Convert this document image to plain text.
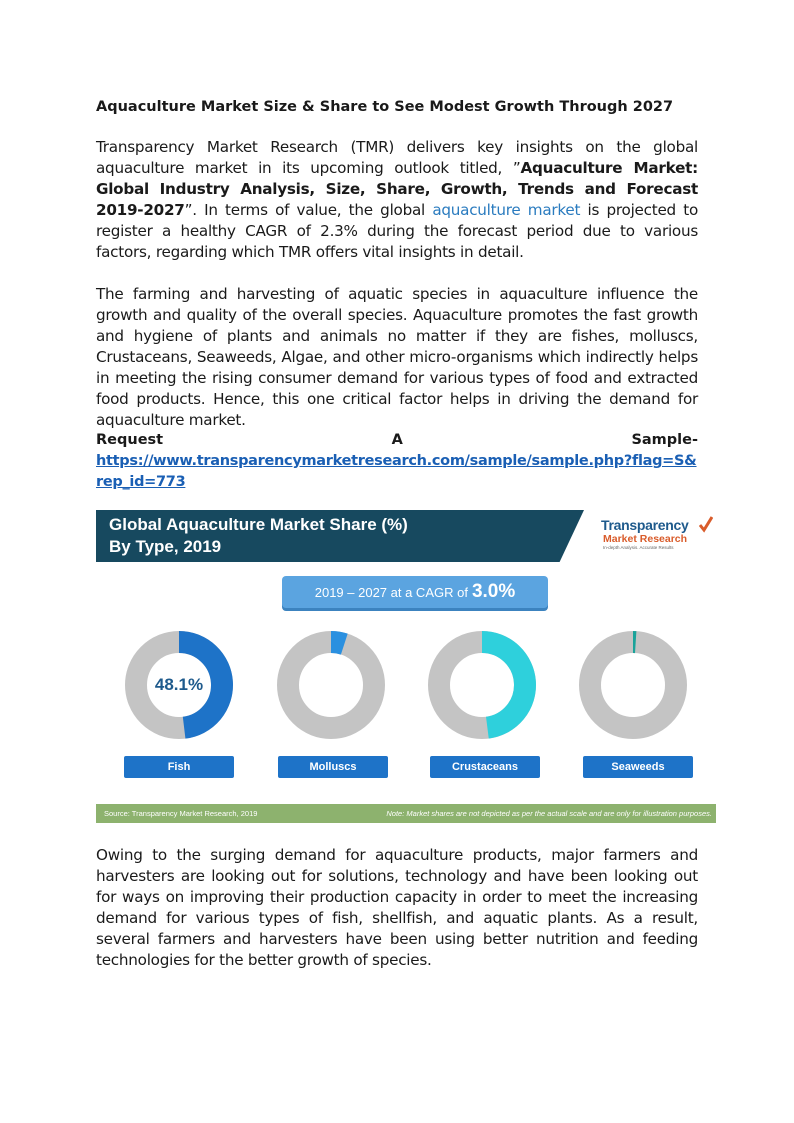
Aquaculture Market Size & Share to See Modest Growth Through 2027
Transparency Market Research (TMR) delivers key insights on the global aquaculture market in its upcoming outlook titled, ”Aquaculture Market: Global Industry Analysis, Size, Share, Growth, Trends and Forecast 2019-2027”. In terms of value, the global aquaculture market is projected to register a healthy CAGR of 2.3% during the forecast period due to various factors, regarding which TMR offers vital insights in detail.
The farming and harvesting of aquatic species in aquaculture influence the growth and quality of the overall species. Aquaculture promotes the fast growth and hygiene of plants and animals no matter if they are fishes, molluscs, Crustaceans, Seaweeds, Algae, and other micro-organisms which indirectly helps in meeting the rising consumer demand for various types of food and extracted food products. Hence, this one critical factor helps in driving the demand for aquaculture market.
Request	A	Sample-
https://www.transparencymarketresearch.com/sample/sample.php?flag=S&rep_id=773
Owing to the surging demand for aquaculture products, major farmers and harvesters are looking out for solutions, technology and have been looking out for ways on improving their production capacity in order to meet the increasing demand for various types of fish, shellfish, and aquatic plants. As a result, several farmers and harvesters have been using better nutrition and feeding technologies for the better growth of species.
Global Aquaculture Market Share (%)
By Type, 2019
Transparency
Market Research
In-depth Analysis. Accurate Results
2019 – 2027 at a CAGR of 3.0%
48.1%
Fish	Molluscs	Crustaceans	Seaweeds
Source: Transparency Market Research, 2019	Note: Market shares are not depicted as per the actual scale and are only for illustration purposes.
